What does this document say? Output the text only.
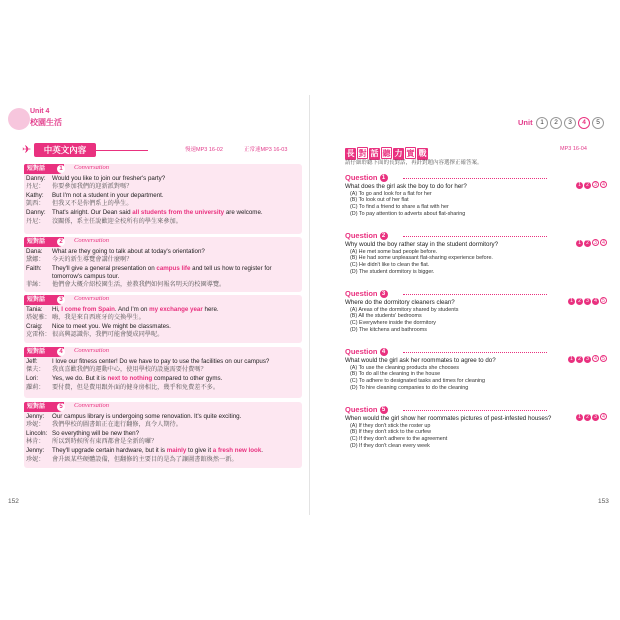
Unit 4
校園生活
✈	中英文內容	慢速MP3 16-02	正常速MP3 16-03
短對話	1	Conversation
Danny: Would you like to join our fresher's party?
丹尼： 你要參加我們的迎新派對嗎？
Kathy: But I'm not a student in your department.
凱西： 但我又不是你們系上的學生。
Danny: That's alright. Our Dean said all students from the university are welcome.
丹尼： 沒關係，系主任說歡迎全校所有的學生來參加。
短對話	2	Conversation
Dana: What are they going to talk about at today's orientation?
黛娜： 今天的新生導覽會講什麼啊？
Faith: They'll give a general presentation on campus life and tell us how to register for tomorrow's campus tour.
菲絲： 他們會大概介紹校園生活，並教我們如何報名明天的校園導覽。
短對話	3	Conversation
Tania: Hi, I come from Spain. And I'm on my exchange year here.
塔妮雅：嗨，我是來自西班牙的交換學生。
Craig: Nice to meet you. We might be classmates.
克雷格：很高興認識你，我們可能會變成同學呢。
短對話	4	Conversation
Jeff: I love our fitness center! Do we have to pay to use the facilities on our campus?
傑夫： 我真喜歡我們的運動中心，使用學校的設施需要付費嗎？
Lori: Yes, we do. But it is next to nothing compared to other gyms.
蘿莉： 要付費，但是費用跟外面的健身房相比，幾乎和免費差不多。
短對話	5	Conversation
Jenny: Our campus library is undergoing some renovation. It's quite exciting.
珍妮： 我們學校的圖書館正在進行翻修，真令人期待。
Lincoln: So everything will be new then?
林肯： 所以到時候所有東西都會是全新的囉？
Jenny: They'll upgrade certain hardware, but it is mainly to give it a fresh new look.
珍妮： 會升級某些硬體設備，但翻修的主要目的是為了讓圖書館煥然一新。
152
Unit	1	2	3	4	5
長 對 話 聽 力 實 戰	MP3 16-04
請仔細聆聽下面的長對話，再針對題內容選擇正確答案。
Question 1
1 2 3 4
What does the girl ask the boy to do for her?
(A) To go and look for a flat for her
(B) To look out of her flat
(C) To find a friend to share a flat with her
(D) To pay attention to adverts about flat-sharing
Question 2
1 2 3 4
Why would the boy rather stay in the student dormitory?
(A) He met some bad people before.
(B) He had some unpleasant flat-sharing experience before.
(C) He didn't like to clean the flat.
(D) The student dormitory is bigger.
Question 3
1 2 3 4 5
Where do the dormitory cleaners clean?
(A) Areas of the dormitory shared by students
(B) All the students' bedrooms
(C) Everywhere inside the dormitory
(D) The kitchens and bathrooms
Question 4
1 2 3 4 5
What would the girl ask her roommates to agree to do?
(A) To use the cleaning products she chooses
(B) To do all the cleaning in the house
(C) To adhere to designated tasks and times for cleaning
(D) To hire cleaning companies to do the cleaning
Question 5
1 2 3 4
When would the girl show her roommates pictures of pest-infested houses?
(A) If they don't stick the roster up
(B) If they don't stick to the curfew
(C) If they don't adhere to the agreement
(D) If they don't clean every week
153
